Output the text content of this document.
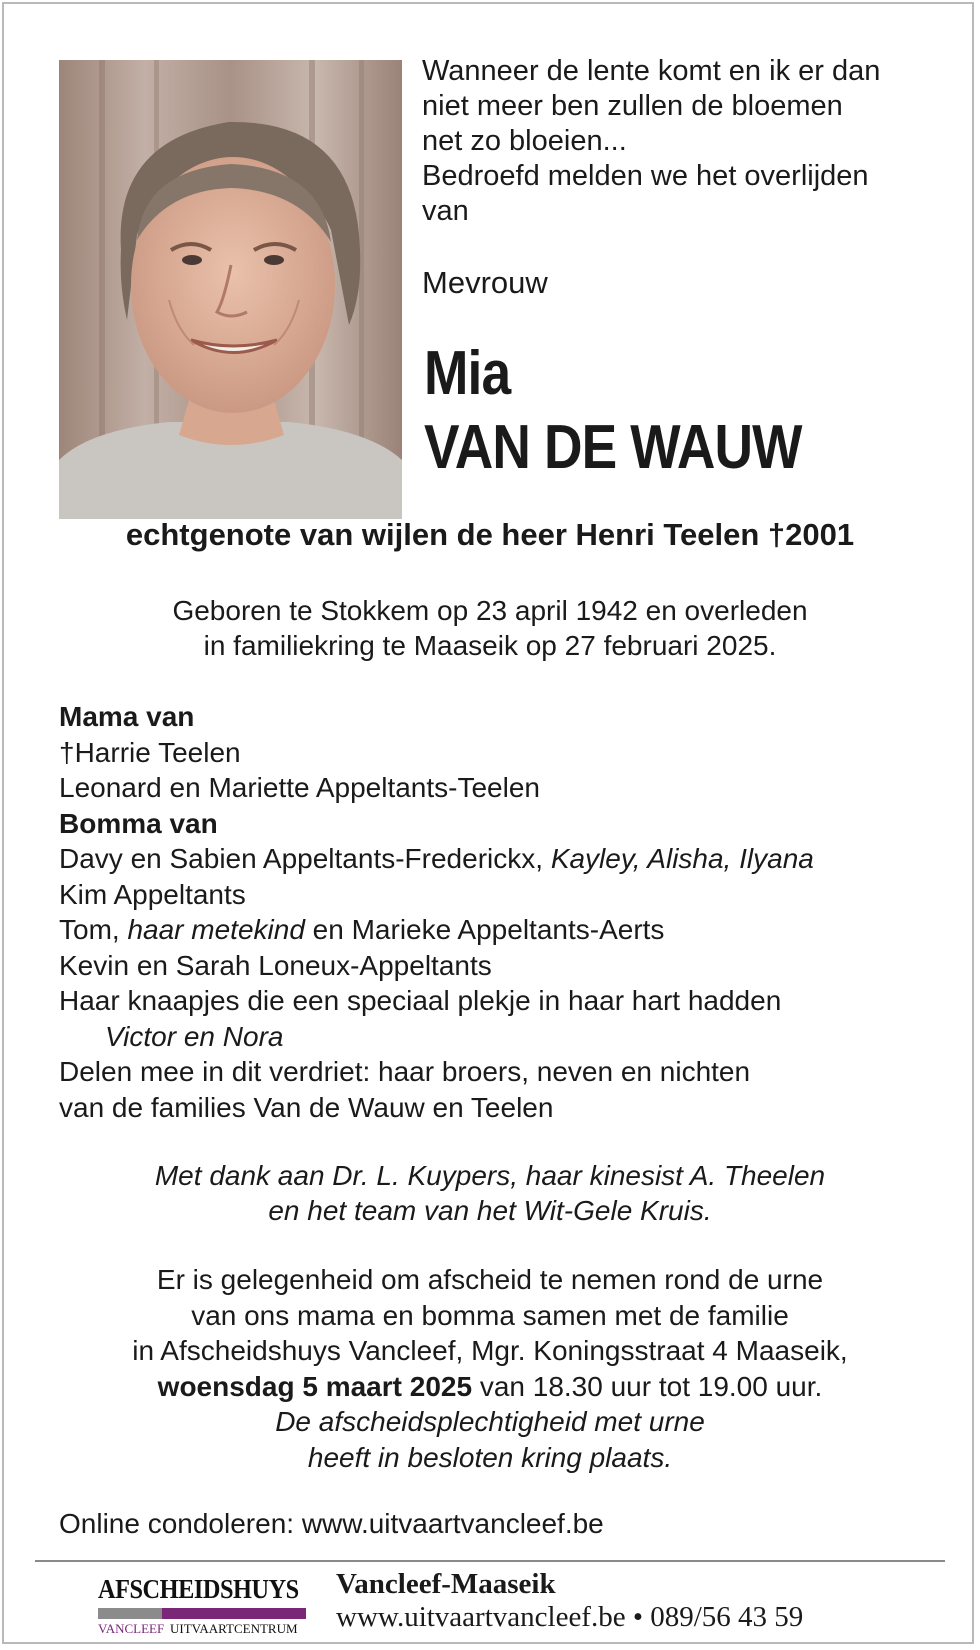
Wanneer de lente komt en ik er dan
niet meer ben zullen de bloemen
net zo bloeien...
Bedroefd melden we het overlijden
van
Mevrouw
Mia
VAN DE WAUW
echtgenote van wijlen de heer Henri Teelen †2001
Geboren te Stokkem op 23 april 1942 en overleden
in familiekring te Maaseik op 27 februari 2025.
Mama van
†Harrie Teelen
Leonard en Mariette Appeltants-Teelen
Bomma van
Davy en Sabien Appeltants-Frederickx, Kayley, Alisha, Ilyana
Kim Appeltants
Tom, haar metekind en Marieke Appeltants-Aerts
Kevin en Sarah Loneux-Appeltants
Haar knaapjes die een speciaal plekje in haar hart hadden
Victor en Nora
Delen mee in dit verdriet: haar broers, neven en nichten
van de families Van de Wauw en Teelen
Met dank aan Dr. L. Kuypers, haar kinesist A. Theelen
en het team van het Wit-Gele Kruis.
Er is gelegenheid om afscheid te nemen rond de urne
van ons mama en bomma samen met de familie
in Afscheidshuys Vancleef, Mgr. Koningsstraat 4 Maaseik,
woensdag 5 maart 2025 van 18.30 uur tot 19.00 uur.
De afscheidsplechtigheid met urne
heeft in besloten kring plaats.
Online condoleren: www.uitvaartvancleef.be
AFSCHEIDSHUYS
VANCLEEF UITVAARTCENTRUM
Vancleef-Maaseik
www.uitvaartvancleef.be • 089/56 43 59
